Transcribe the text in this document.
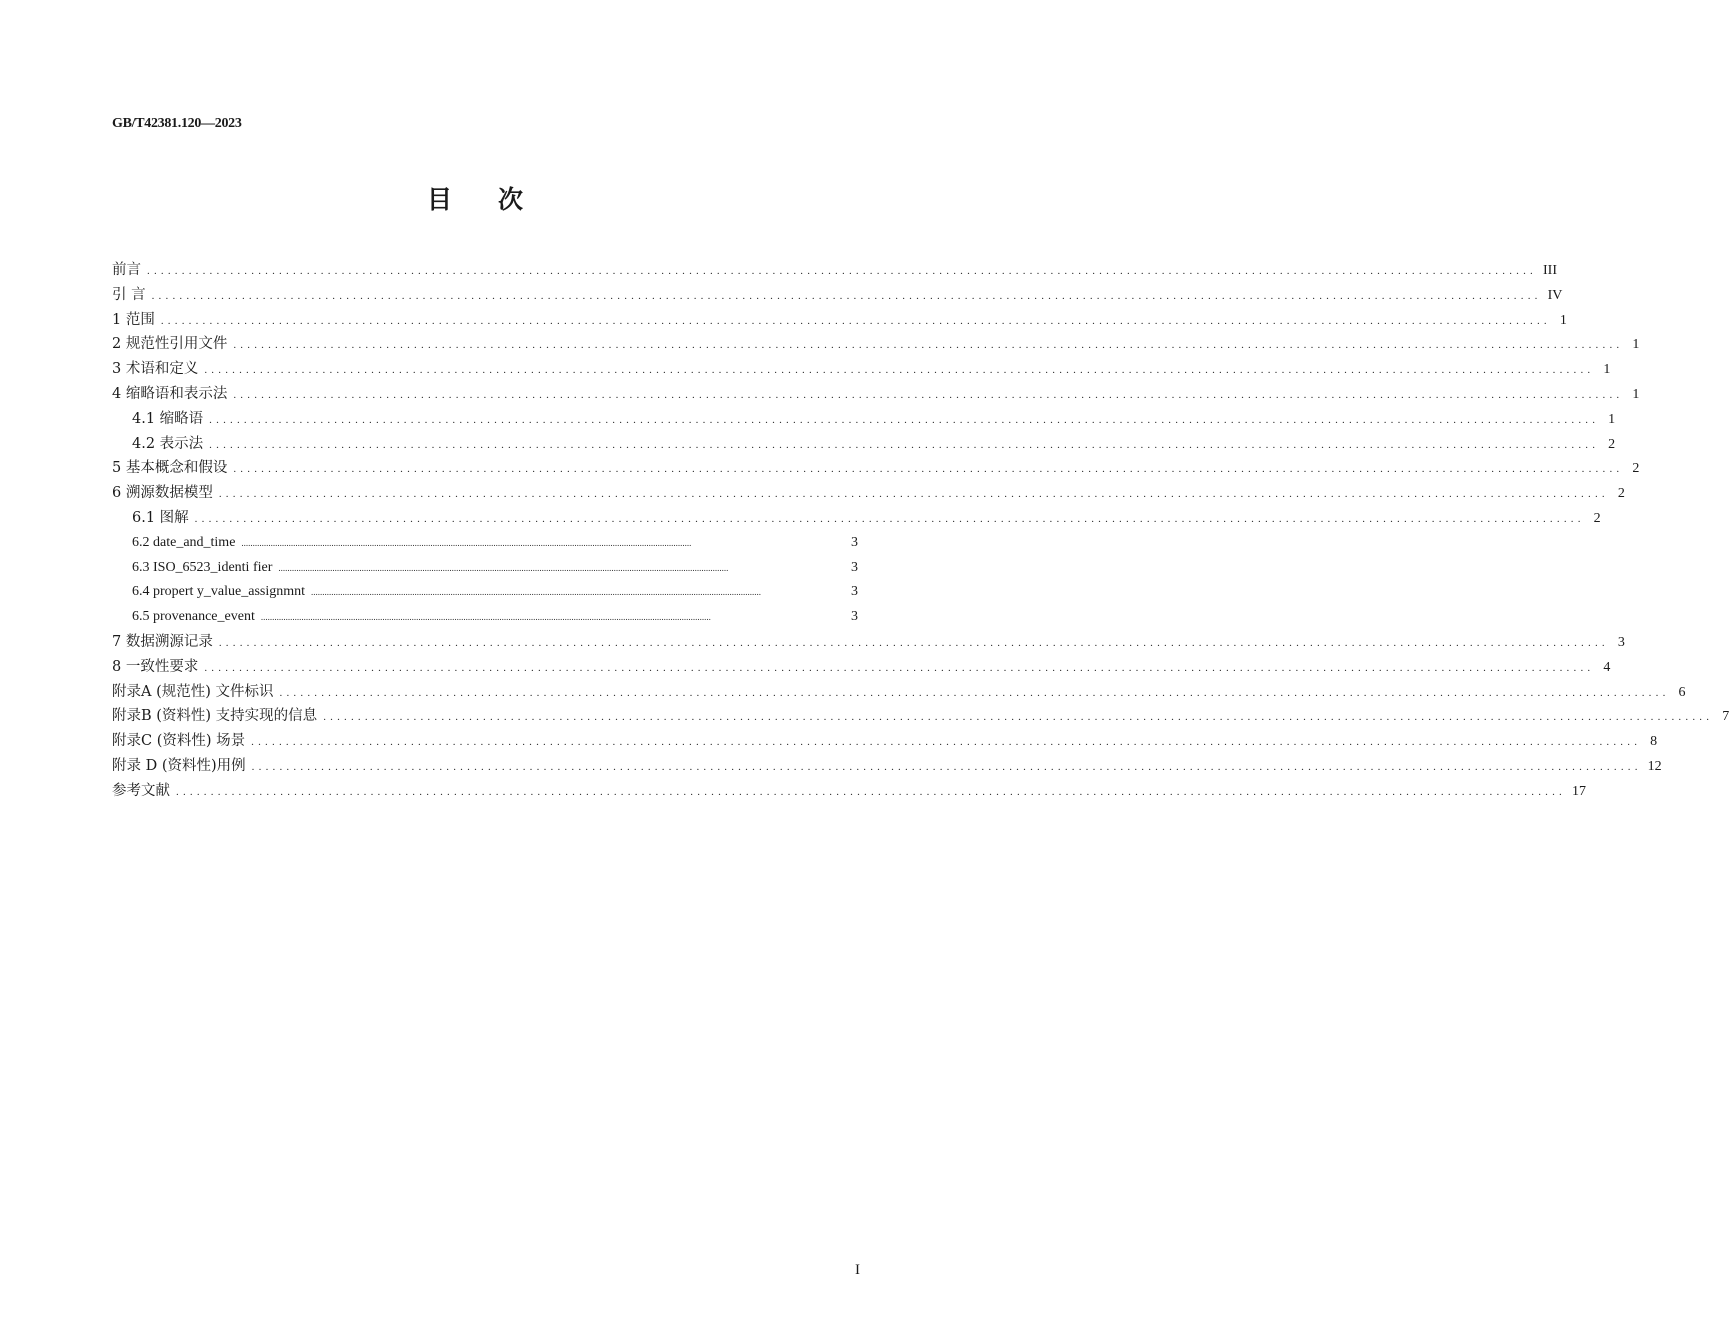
GB/T42381.120—2023
目 次
前言 ........................................................................................................................................................................................................ III
引 言 ........................................................................................................................................................................................................ IV
1 范围 ........................................................................................................................................................................................................ 1
2 规范性引用文件 ........................................................................................................................................................................................................ 1
3 术语和定义 ........................................................................................................................................................................................................ 1
4 缩略语和表示法 ........................................................................................................................................................................................................ 1
4.1 缩略语 ........................................................................................................................................................................................................ 1
4.2 表示法 ........................................................................................................................................................................................................ 2
5 基本概念和假设 ........................................................................................................................................................................................................ 2
6 溯源数据模型 ........................................................................................................................................................................................................ 2
6.1 图解 ........................................................................................................................................................................................................ 2
6.2 date_and_time ........................................................................................................................................................................................................	3
6.3 ISO_6523_identi fier ........................................................................................................................................................................................................	3
6.4 propert y_value_assignmnt ........................................................................................................................................................................................................	3
6.5 provenance_event ........................................................................................................................................................................................................	3
7 数据溯源记录 ........................................................................................................................................................................................................ 3
8 一致性要求 ........................................................................................................................................................................................................ 4
附录A (规范性) 文件标识 ........................................................................................................................................................................................................ 6
附录B (资料性) 支持实现的信息 ........................................................................................................................................................................................................ 7
附录C (资料性) 场景 ........................................................................................................................................................................................................ 8
附录 D (资料性)用例 ........................................................................................................................................................................................................ 12
参考文献 ........................................................................................................................................................................................................ 17
I
